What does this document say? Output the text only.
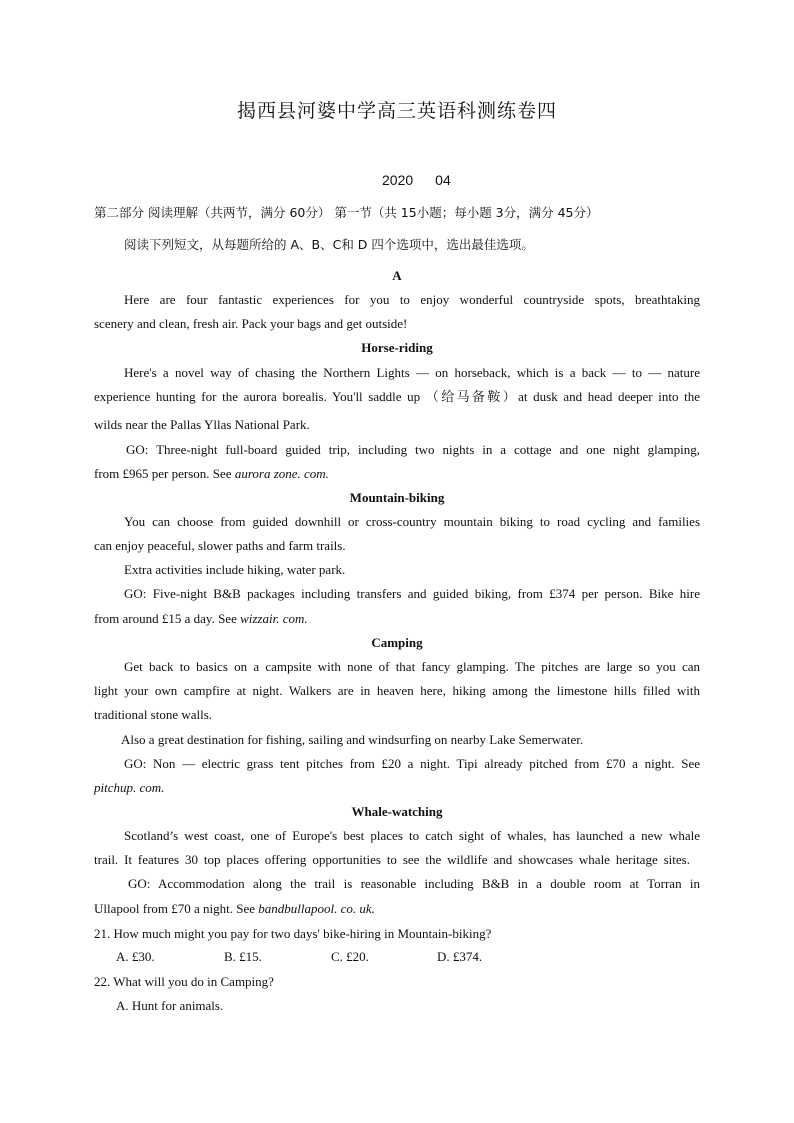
揭西县河婆中学高三英语科测练卷四
2020 04
第二部分 阅读理解（共两节，满分 60分） 第一节（共 15小题；每小题 3分，满分 45分）
阅读下列短文，从每题所给的 A、B、C和 D 四个选项中，选出最佳选项。
A
Here are four fantastic experiences for you to enjoy wonderful countryside spots, breathtaking
scenery and clean, fresh air. Pack your bags and get outside!
Horse-riding
Here's a novel way of chasing the Northern Lights — on horseback, which is a back — to — nature
experience hunting for the aurora borealis. You'll saddle up （给马备鞍）at dusk and head deeper into the
wilds near the Pallas Yllas National Park.
GO: Three-night full-board guided trip, including two nights in a cottage and one night glamping,
from £965 per person. See aurora zone. com.
Mountain-biking
You can choose from guided downhill or cross-country mountain biking to road cycling and families
can enjoy peaceful, slower paths and farm trails.
Extra activities include hiking, water park.
GO: Five-night B&B packages including transfers and guided biking, from £374 per person. Bike hire
from around £15 a day. See wizzair. com.
Camping
Get back to basics on a campsite with none of that fancy glamping. The pitches are large so you can
light your own campfire at night. Walkers are in heaven here, hiking among the limestone hills filled with
traditional stone walls.
Also a great destination for fishing, sailing and windsurfing on nearby Lake Semerwater.
GO: Non — electric grass tent pitches from £20 a night. Tipi already pitched from £70 a night. See
pitchup. com.
Whale-watching
Scotland’s west coast, one of Europe's best places to catch sight of whales, has launched a new whale
trail. It features 30 top places offering opportunities to see the wildlife and showcases whale heritage sites.
GO: Accommodation along the trail is reasonable including B&B in a double room at Torran in
Ullapool from £70 a night. See bandbullapool. co. uk.
21. How much might you pay for two days' bike-hiring in Mountain-biking?
A. £30.	B. £15.	C. £20.	D. £374.
22. What will you do in Camping?
A. Hunt for animals.
